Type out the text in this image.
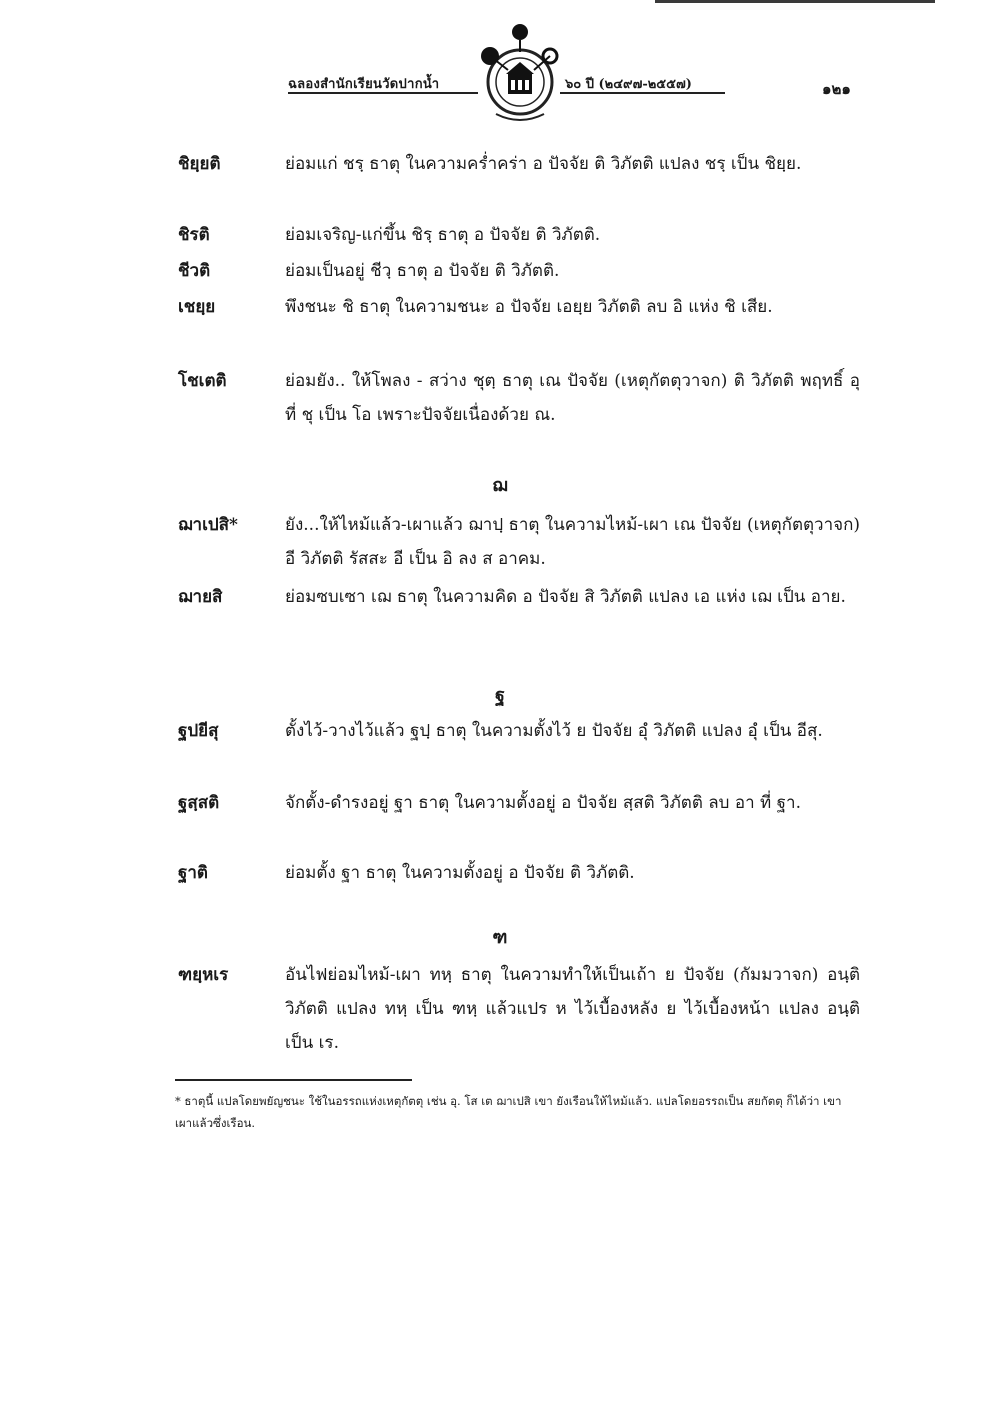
ฉลองสำนักเรียนวัดปากน้ำ	๖๐ ปี (๒๔๙๗-๒๕๕๗)	๑๒๑
ชิยฺยติ	ย่อมแก่ ชรฺ ธาตุ ในความคร่ำคร่า อ ปัจจัย ติ วิภัตติ แปลง ชรฺ เป็น ชิยฺย.
ชิรติ	ย่อมเจริญ-แก่ขึ้น ชิรฺ ธาตุ อ ปัจจัย ติ วิภัตติ.
ชีวติ	ย่อมเป็นอยู่ ชีวฺ ธาตุ อ ปัจจัย ติ วิภัตติ.
เชยฺย	พึงชนะ ชิ ธาตุ ในความชนะ อ ปัจจัย เอยฺย วิภัตติ ลบ อิ แห่ง ชิ เสีย.
โชเตติ	ย่อมยัง.. ให้โพลง - สว่าง ชุตฺ ธาตุ เณ ปัจจัย (เหตุกัตตุวาจก) ติ วิภัตติ พฤทธิ์ อุ ที่ ชุ เป็น โอ เพราะปัจจัยเนื่องด้วย ณ.
ฌ
ฌาเปสิ*	ยัง...ให้ไหม้แล้ว-เผาแล้ว ฌาปฺ ธาตุ ในความไหม้-เผา เณ ปัจจัย (เหตุกัตตุวาจก) อี วิภัตติ รัสสะ อี เป็น อิ ลง ส อาคม.
ฌายสิ	ย่อมซบเซา เฌ ธาตุ ในความคิด อ ปัจจัย สิ วิภัตติ แปลง เอ แห่ง เฌ เป็น อาย.
ฐ
ฐปยีสุ	ตั้งไว้-วางไว้แล้ว ฐปฺ ธาตุ ในความตั้งไว้ ย ปัจจัย อุํ วิภัตติ แปลง อุํ เป็น อีสุ.
ฐสฺสติ	จักตั้ง-ดำรงอยู่ ฐา ธาตุ ในความตั้งอยู่ อ ปัจจัย สฺสติ วิภัตติ ลบ อา ที่ ฐา.
ฐาติ	ย่อมตั้ง ฐา ธาตุ ในความตั้งอยู่ อ ปัจจัย ติ วิภัตติ.
ฑ
ฑยฺหเร	อันไฟย่อมไหม้-เผา ทหฺ ธาตุ ในความทำให้เป็นเถ้า ย ปัจจัย (กัมมวาจก) อนฺติ วิภัตติ แปลง ทหฺ เป็น ฑหฺ แล้วแปร ห ไว้เบื้องหลัง ย ไว้เบื้องหน้า แปลง อนฺติ เป็น เร.
* ธาตุนี้ แปลโดยพยัญชนะ ใช้ในอรรถแห่งเหตุกัตตุ เช่น อุ. โส เต ฌาเปสิ เขา ยังเรือนให้ไหม้แล้ว. แปลโดยอรรถเป็น สยกัตตุ ก็ได้ว่า เขา เผาแล้วซึ่งเรือน.
